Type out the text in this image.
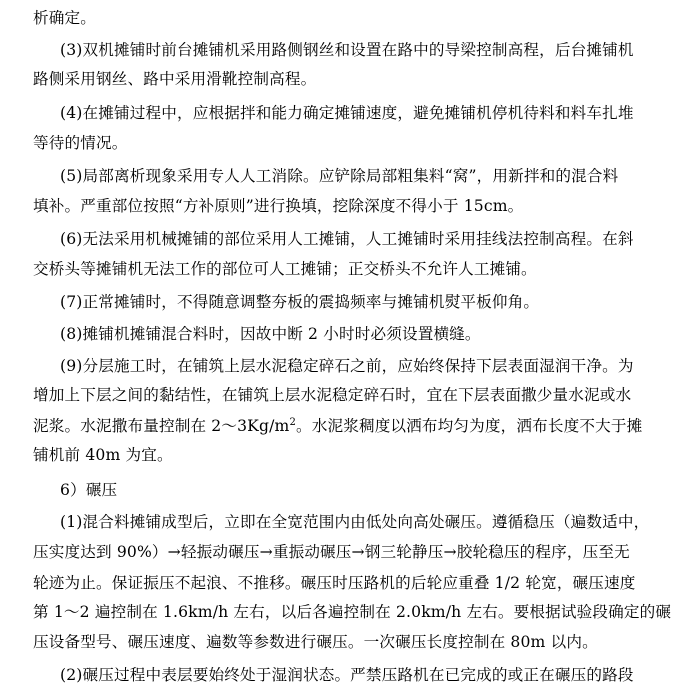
析确定。
(3)双机摊铺时前台摊铺机采用路侧钢丝和设置在路中的导梁控制高程，后台摊铺机
路侧采用钢丝、路中采用滑靴控制高程。
(4)在摊铺过程中，应根据拌和能力确定摊铺速度，避免摊铺机停机待料和料车扎堆
等待的情况。
(5)局部离析现象采用专人人工消除。应铲除局部粗集料“窝”，用新拌和的混合料
填补。严重部位按照“方补原则”进行换填，挖除深度不得小于 15cm。
(6)无法采用机械摊铺的部位采用人工摊铺，人工摊铺时采用挂线法控制高程。在斜
交桥头等摊铺机无法工作的部位可人工摊铺；正交桥头不允许人工摊铺。
(7)正常摊铺时，不得随意调整夯板的震捣频率与摊铺机熨平板仰角。
(8)摊铺机摊铺混合料时，因故中断 2 小时时必须设置横缝。
(9)分层施工时，在铺筑上层水泥稳定碎石之前，应始终保持下层表面湿润干净。为
增加上下层之间的黏结性，在铺筑上层水泥稳定碎石时，宜在下层表面撒少量水泥或水
泥浆。水泥撒布量控制在 $2\sim 3Kg/m^2$。水泥浆稠度以洒布均匀为度，洒布长度不大于摊
铺机前 40m 为宜。
6）碾压
(1)混合料摊铺成型后，立即在全宽范围内由低处向高处碾压。遵循稳压（遍数适中，
压实度达到 90%）→轻振动碾压→重振动碾压→钢三轮静压→胶轮稳压的程序，压至无
轮迹为止。保证振压不起浪、不推移。碾压时压路机的后轮应重叠 1/2 轮宽，碾压速度
第 1～2 遍控制在 1.6km/h 左右，以后各遍控制在 2.0km/h 左右。要根据试验段确定的碾
压设备型号、碾压速度、遍数等参数进行碾压。一次碾压长度控制在 80m 以内。
(2)碾压过程中表层要始终处于湿润状态。严禁压路机在已完成的或正在碾压的路段
